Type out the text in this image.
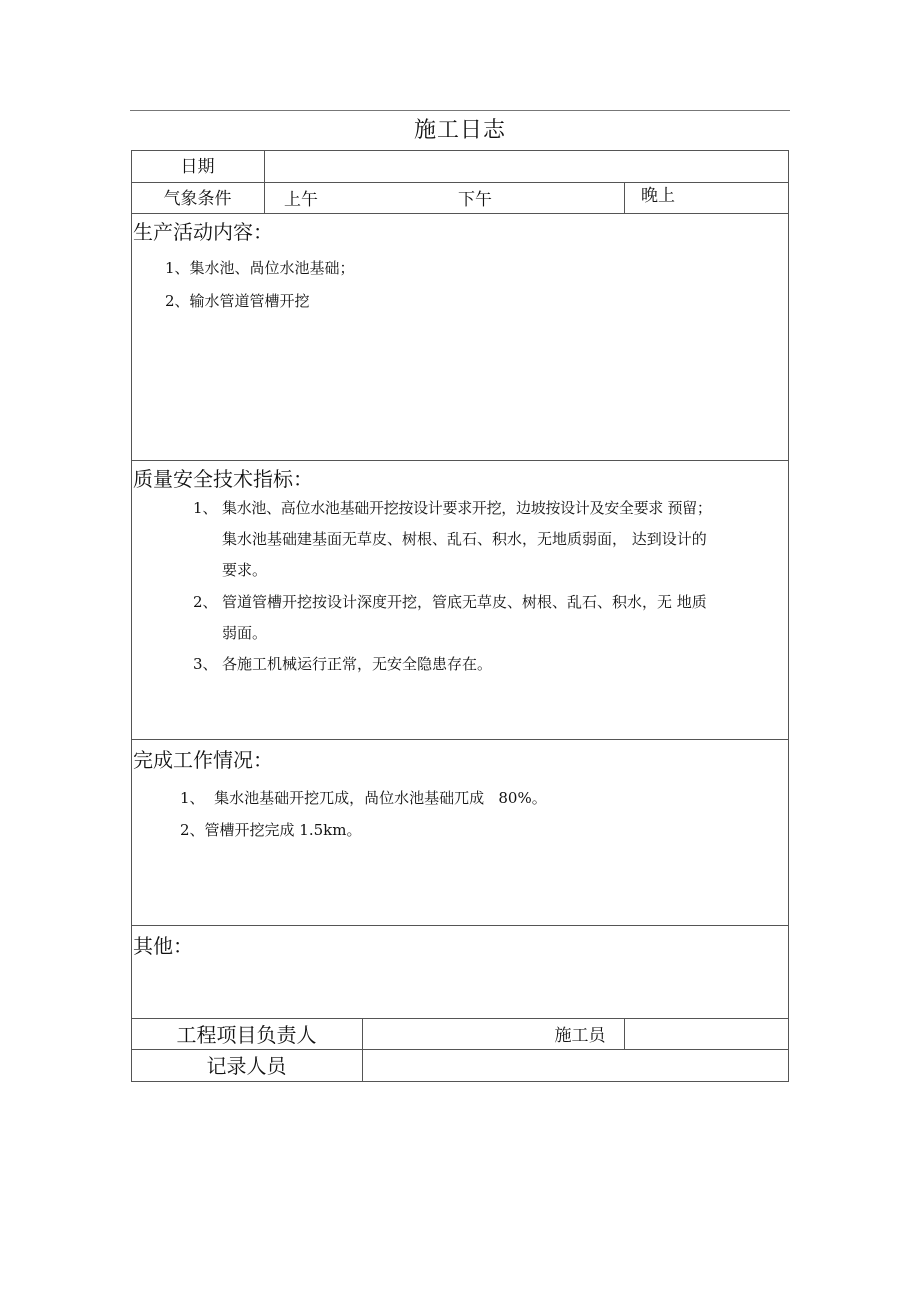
施工日志
日期
气象条件	上午	下午	晚上
生产活动内容：
1、集水池、咼位水池基础；
2、输水管道管槽开挖
质量安全技术指标：
1、 集水池、高位水池基础开挖按设计要求开挖，边坡按设计及安全要求 预留；
集水池基础建基面无草皮、树根、乱石、积水，无地质弱面， 达到设计的
要求。
2、 管道管槽开挖按设计深度开挖，管底无草皮、树根、乱石、积水，无 地质
弱面。
3、 各施工机械运行正常，无安全隐患存在。
完成工作情况：
1、  集水池基础开挖兀成，咼位水池基础兀成   80%。
2、管槽开挖完成 1.5km。
其他：
工程项目负责人	施工员
记录人员
